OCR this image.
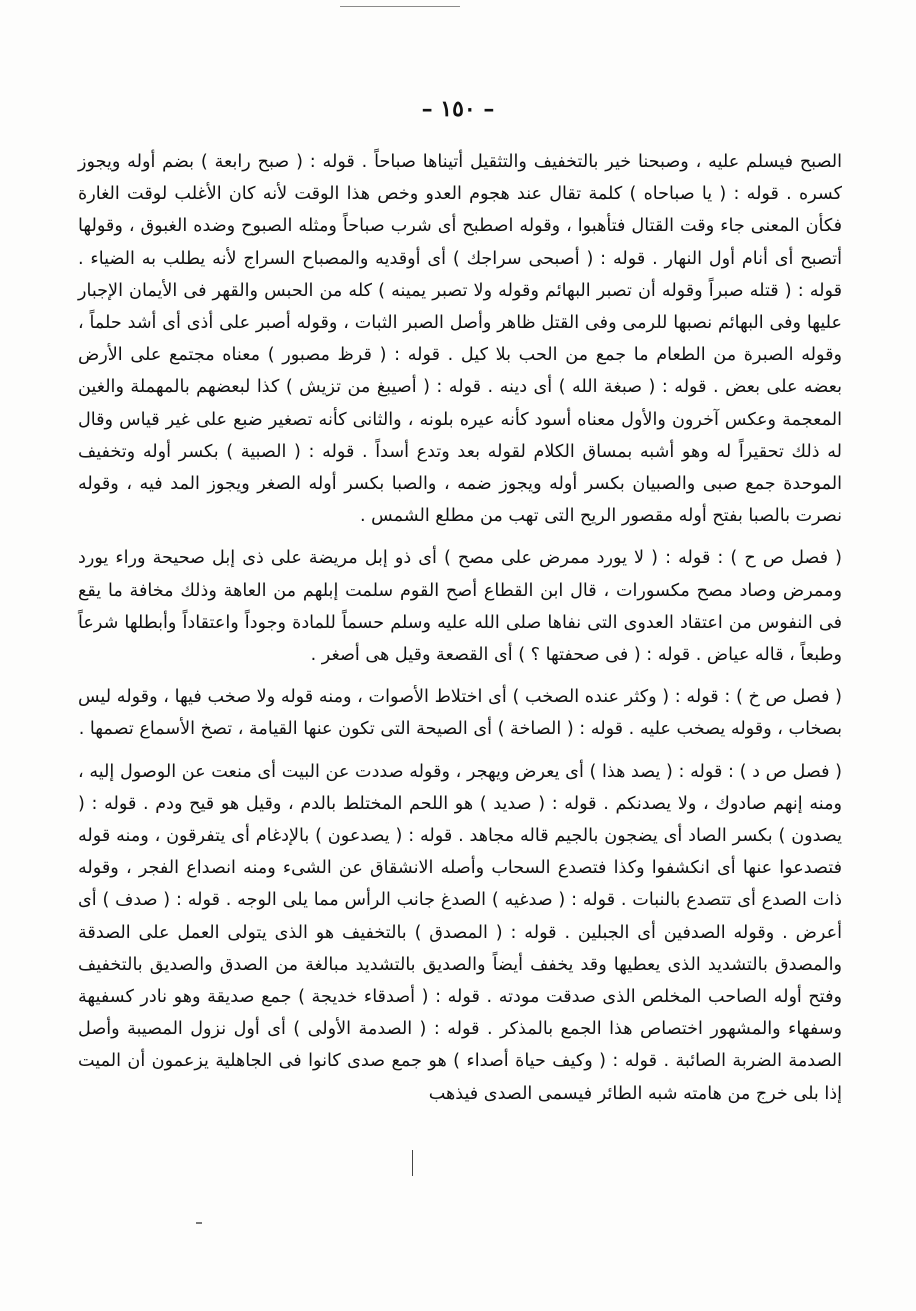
– ١٥٠ –

الصبح فيسلم عليه ، وصبحنا خير بالتخفيف والتثقيل أتيناها صباحاً . قوله : ( صبح رابعة ) بضم أوله ويجوز كسره . قوله : ( يا صباحاه ) كلمة تقال عند هجوم العدو وخص هذا الوقت لأنه كان الأغلب لوقت الغارة فكأن المعنى جاء وقت القتال فتأهبوا ، وقوله اصطبح أى شرب صباحاً ومثله الصبوح وضده الغبوق ، وقولها أتصبح أى أنام أول النهار . قوله : ( أصبحى سراجك ) أى أوقديه والمصباح السراج لأنه يطلب به الضياء . قوله : ( قتله صبراً وقوله أن تصبر البهائم وقوله ولا تصبر يمينه ) كله من الحبس والقهر فى الأيمان الإجبار عليها وفى البهائم نصبها للرمى وفى القتل ظاهر وأصل الصبر الثبات ، وقوله أصبر على أذى أى أشد حلماً ، وقوله الصبرة من الطعام ما جمع من الحب بلا كيل . قوله : ( قرظ مصبور ) معناه مجتمع على الأرض بعضه على بعض . قوله : ( صبغة الله ) أى دينه . قوله : ( أصيبغ من تزيش ) كذا لبعضهم بالمهملة والغين المعجمة وعكس آخرون والأول معناه أسود كأنه عيره بلونه ، والثانى كأنه تصغير ضبع على غير قياس وقال له ذلك تحقيراً له وهو أشبه بمساق الكلام لقوله بعد وتدع أسداً . قوله : ( الصبية ) بكسر أوله وتخفيف الموحدة جمع صبى والصبيان بكسر أوله ويجوز ضمه ، والصبا بكسر أوله الصغر ويجوز المد فيه ، وقوله نصرت بالصبا بفتح أوله مقصور الريح التى تهب من مطلع الشمس .

( فصل ص ح ) : قوله : ( لا يورد ممرض على مصح ) أى ذو إبل مريضة على ذى إبل صحيحة وراء يورد وممرض وصاد مصح مكسورات ، قال ابن القطاع أصح القوم سلمت إبلهم من العاهة وذلك مخافة ما يقع فى النفوس من اعتقاد العدوى التى نفاها صلى الله عليه وسلم حسماً للمادة وجوداً واعتقاداً وأبطلها شرعاً وطبعاً ، قاله عياض . قوله : ( فى صحفتها ؟ ) أى القصعة وقيل هى أصغر .

( فصل ص خ ) : قوله : ( وكثر عنده الصخب ) أى اختلاط الأصوات ، ومنه قوله ولا صخب فيها ، وقوله ليس بصخاب ، وقوله يصخب عليه . قوله : ( الصاخة ) أى الصيحة التى تكون عنها القيامة ، تصخ الأسماع تصمها .

( فصل ص د ) : قوله : ( يصد هذا ) أى يعرض ويهجر ، وقوله صددت عن البيت أى منعت عن الوصول إليه ، ومنه إنهم صادوك ، ولا يصدنكم . قوله : ( صديد ) هو اللحم المختلط بالدم ، وقيل هو قيح ودم . قوله : ( يصدون ) بكسر الصاد أى يضجون بالجيم قاله مجاهد . قوله : ( يصدعون ) بالإدغام أى يتفرقون ، ومنه قوله فتصدعوا عنها أى انكشفوا وكذا فتصدع السحاب وأصله الانشقاق عن الشىء ومنه انصداع الفجر ، وقوله ذات الصدع أى تتصدع بالنبات . قوله : ( صدغيه ) الصدغ جانب الرأس مما يلى الوجه . قوله : ( صدف ) أى أعرض . وقوله الصدفين أى الجبلين . قوله : ( المصدق ) بالتخفيف هو الذى يتولى العمل على الصدقة والمصدق بالتشديد الذى يعطيها وقد يخفف أيضاً والصديق بالتشديد مبالغة من الصدق والصديق بالتخفيف وفتح أوله الصاحب المخلص الذى صدقت مودته . قوله : ( أصدقاء خديجة ) جمع صديقة وهو نادر كسفيهة وسفهاء والمشهور اختصاص هذا الجمع بالمذكر . قوله : ( الصدمة الأولى ) أى أول نزول المصيبة وأصل الصدمة الضربة الصائبة . قوله : ( وكيف حياة أصداء ) هو جمع صدى كانوا فى الجاهلية يزعمون أن الميت إذا بلى خرج من هامته شبه الطائر فيسمى الصدى فيذهب
